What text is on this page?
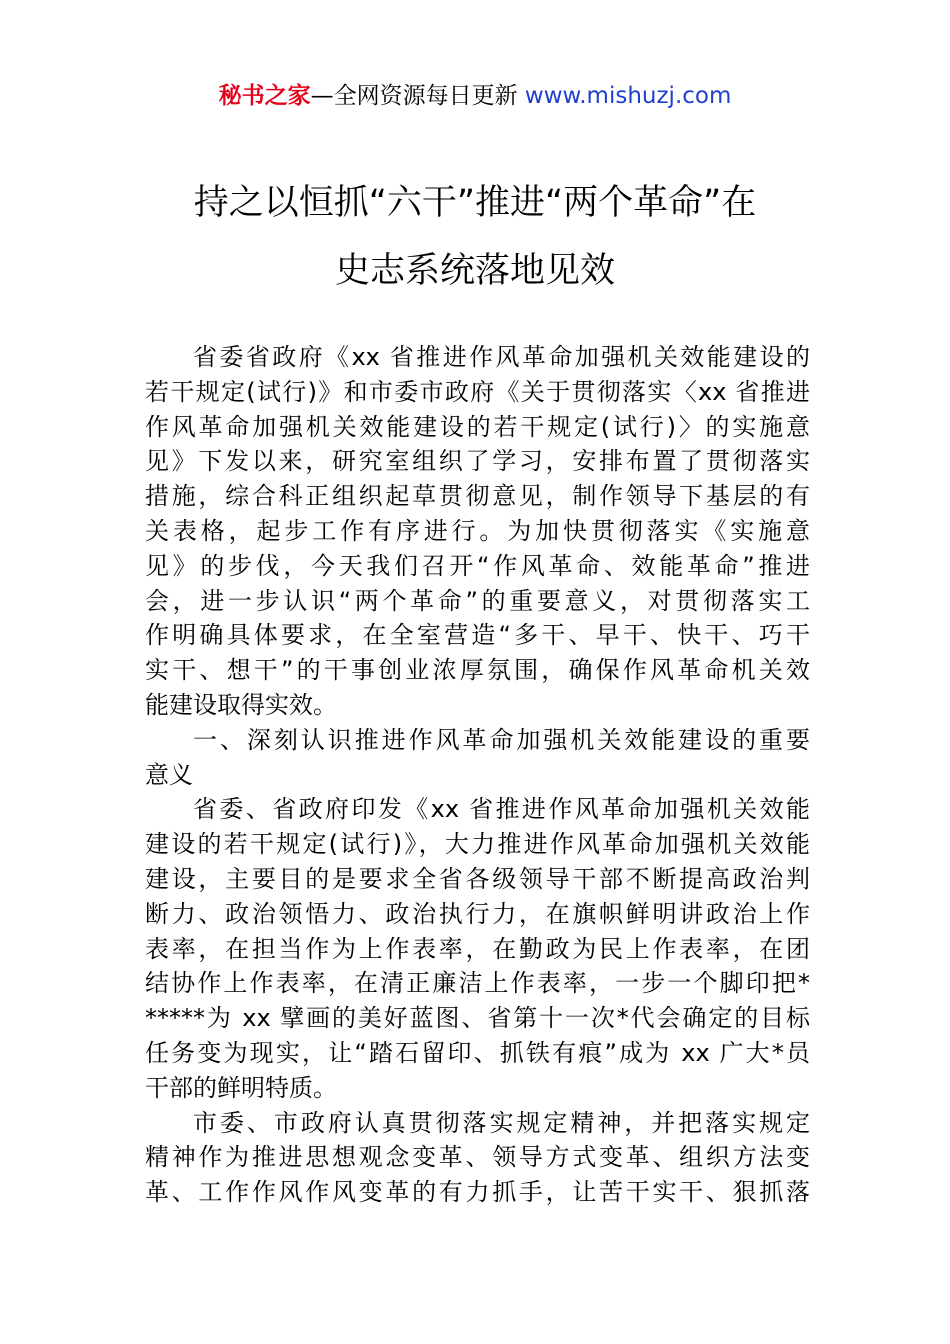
秘书之家—全网资源每日更新 www.mishuzj.com
持之以恒抓“六干”推进“两个革命”在
史志系统落地见效
省委省政府《xx 省推进作风革命加强机关效能建设的
若干规定(试行)》和市委市政府《关于贯彻落实〈xx 省推进
作风革命加强机关效能建设的若干规定(试行)〉的实施意
见》下发以来，研究室组织了学习，安排布置了贯彻落实
措施，综合科正组织起草贯彻意见，制作领导下基层的有
关表格，起步工作有序进行。为加快贯彻落实《实施意
见》的步伐，今天我们召开“作风革命、效能革命”推进
会，进一步认识“两个革命”的重要意义，对贯彻落实工
作明确具体要求，在全室营造“多干、早干、快干、巧干
实干、想干”的干事创业浓厚氛围，确保作风革命机关效
能建设取得实效。
一、深刻认识推进作风革命加强机关效能建设的重要
意义
省委、省政府印发《xx 省推进作风革命加强机关效能
建设的若干规定(试行)》，大力推进作风革命加强机关效能
建设，主要目的是要求全省各级领导干部不断提高政治判
断力、政治领悟力、政治执行力，在旗帜鲜明讲政治上作
表率，在担当作为上作表率，在勤政为民上作表率，在团
结协作上作表率，在清正廉洁上作表率，一步一个脚印把*
*****为 xx 擘画的美好蓝图、省第十一次*代会确定的目标
任务变为现实，让“踏石留印、抓铁有痕”成为 xx 广大*员
干部的鲜明特质。
市委、市政府认真贯彻落实规定精神，并把落实规定
精神作为推进思想观念变革、领导方式变革、组织方法变
革、工作作风作风变革的有力抓手，让苦干实干、狠抓落
